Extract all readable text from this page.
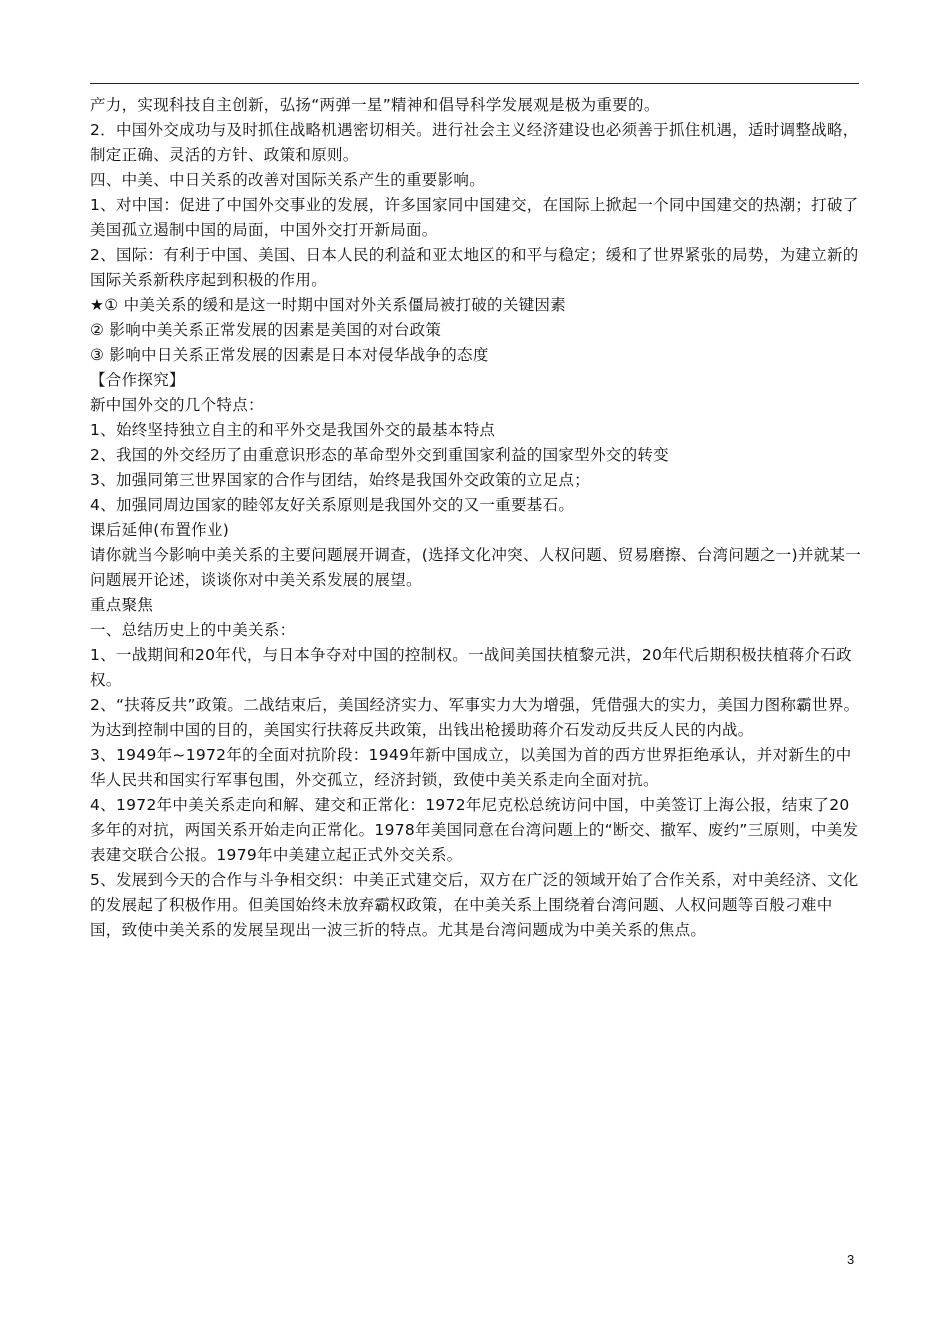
产力，实现科技自主创新，弘扬“两弹一星”精神和倡导科学发展观是极为重要的。

2．中国外交成功与及时抓住战略机遇密切相关。进行社会主义经济建设也必须善于抓住机遇，适时调整战略，制定正确、灵活的方针、政策和原则。

四、中美、中日关系的改善对国际关系产生的重要影响。

1、对中国：促进了中国外交事业的发展，许多国家同中国建交，在国际上掀起一个同中国建交的热潮；打破了美国孤立遏制中国的局面，中国外交打开新局面。

2、国际：有利于中国、美国、日本人民的利益和亚太地区的和平与稳定；缓和了世界紧张的局势，为建立新的国际关系新秩序起到积极的作用。

★① 中美关系的缓和是这一时期中国对外关系僵局被打破的关键因素

② 影响中美关系正常发展的因素是美国的对台政策

③ 影响中日关系正常发展的因素是日本对侵华战争的态度

【合作探究】

新中国外交的几个特点：

1、始终坚持独立自主的和平外交是我国外交的最基本特点

2、我国的外交经历了由重意识形态的革命型外交到重国家利益的国家型外交的转变

3、加强同第三世界国家的合作与团结，始终是我国外交政策的立足点；

4、加强同周边国家的睦邻友好关系原则是我国外交的又一重要基石。

课后延伸(布置作业)

请你就当今影响中美关系的主要问题展开调查，(选择文化冲突、人权问题、贸易磨擦、台湾问题之一)并就某一问题展开论述，谈谈你对中美关系发展的展望。

重点聚焦

一、总结历史上的中美关系：

1、一战期间和20年代，与日本争夺对中国的控制权。一战间美国扶植黎元洪，20年代后期积极扶植蒋介石政权。

2、“扶蒋反共”政策。二战结束后，美国经济实力、军事实力大为增强，凭借强大的实力，美国力图称霸世界。为达到控制中国的目的，美国实行扶蒋反共政策，出钱出枪援助蒋介石发动反共反人民的内战。

3、1949年~1972年的全面对抗阶段：1949年新中国成立，以美国为首的西方世界拒绝承认，并对新生的中华人民共和国实行军事包围，外交孤立，经济封锁，致使中美关系走向全面对抗。

4、1972年中美关系走向和解、建交和正常化：1972年尼克松总统访问中国，中美签订上海公报，结束了20多年的对抗，两国关系开始走向正常化。1978年美国同意在台湾问题上的“断交、撤军、废约”三原则，中美发表建交联合公报。1979年中美建立起正式外交关系。

5、发展到今天的合作与斗争相交织：中美正式建交后，双方在广泛的领域开始了合作关系，对中美经济、文化的发展起了积极作用。但美国始终未放弃霸权政策，在中美关系上围绕着台湾问题、人权问题等百般刁难中国，致使中美关系的发展呈现出一波三折的特点。尤其是台湾问题成为中美关系的焦点。

3
